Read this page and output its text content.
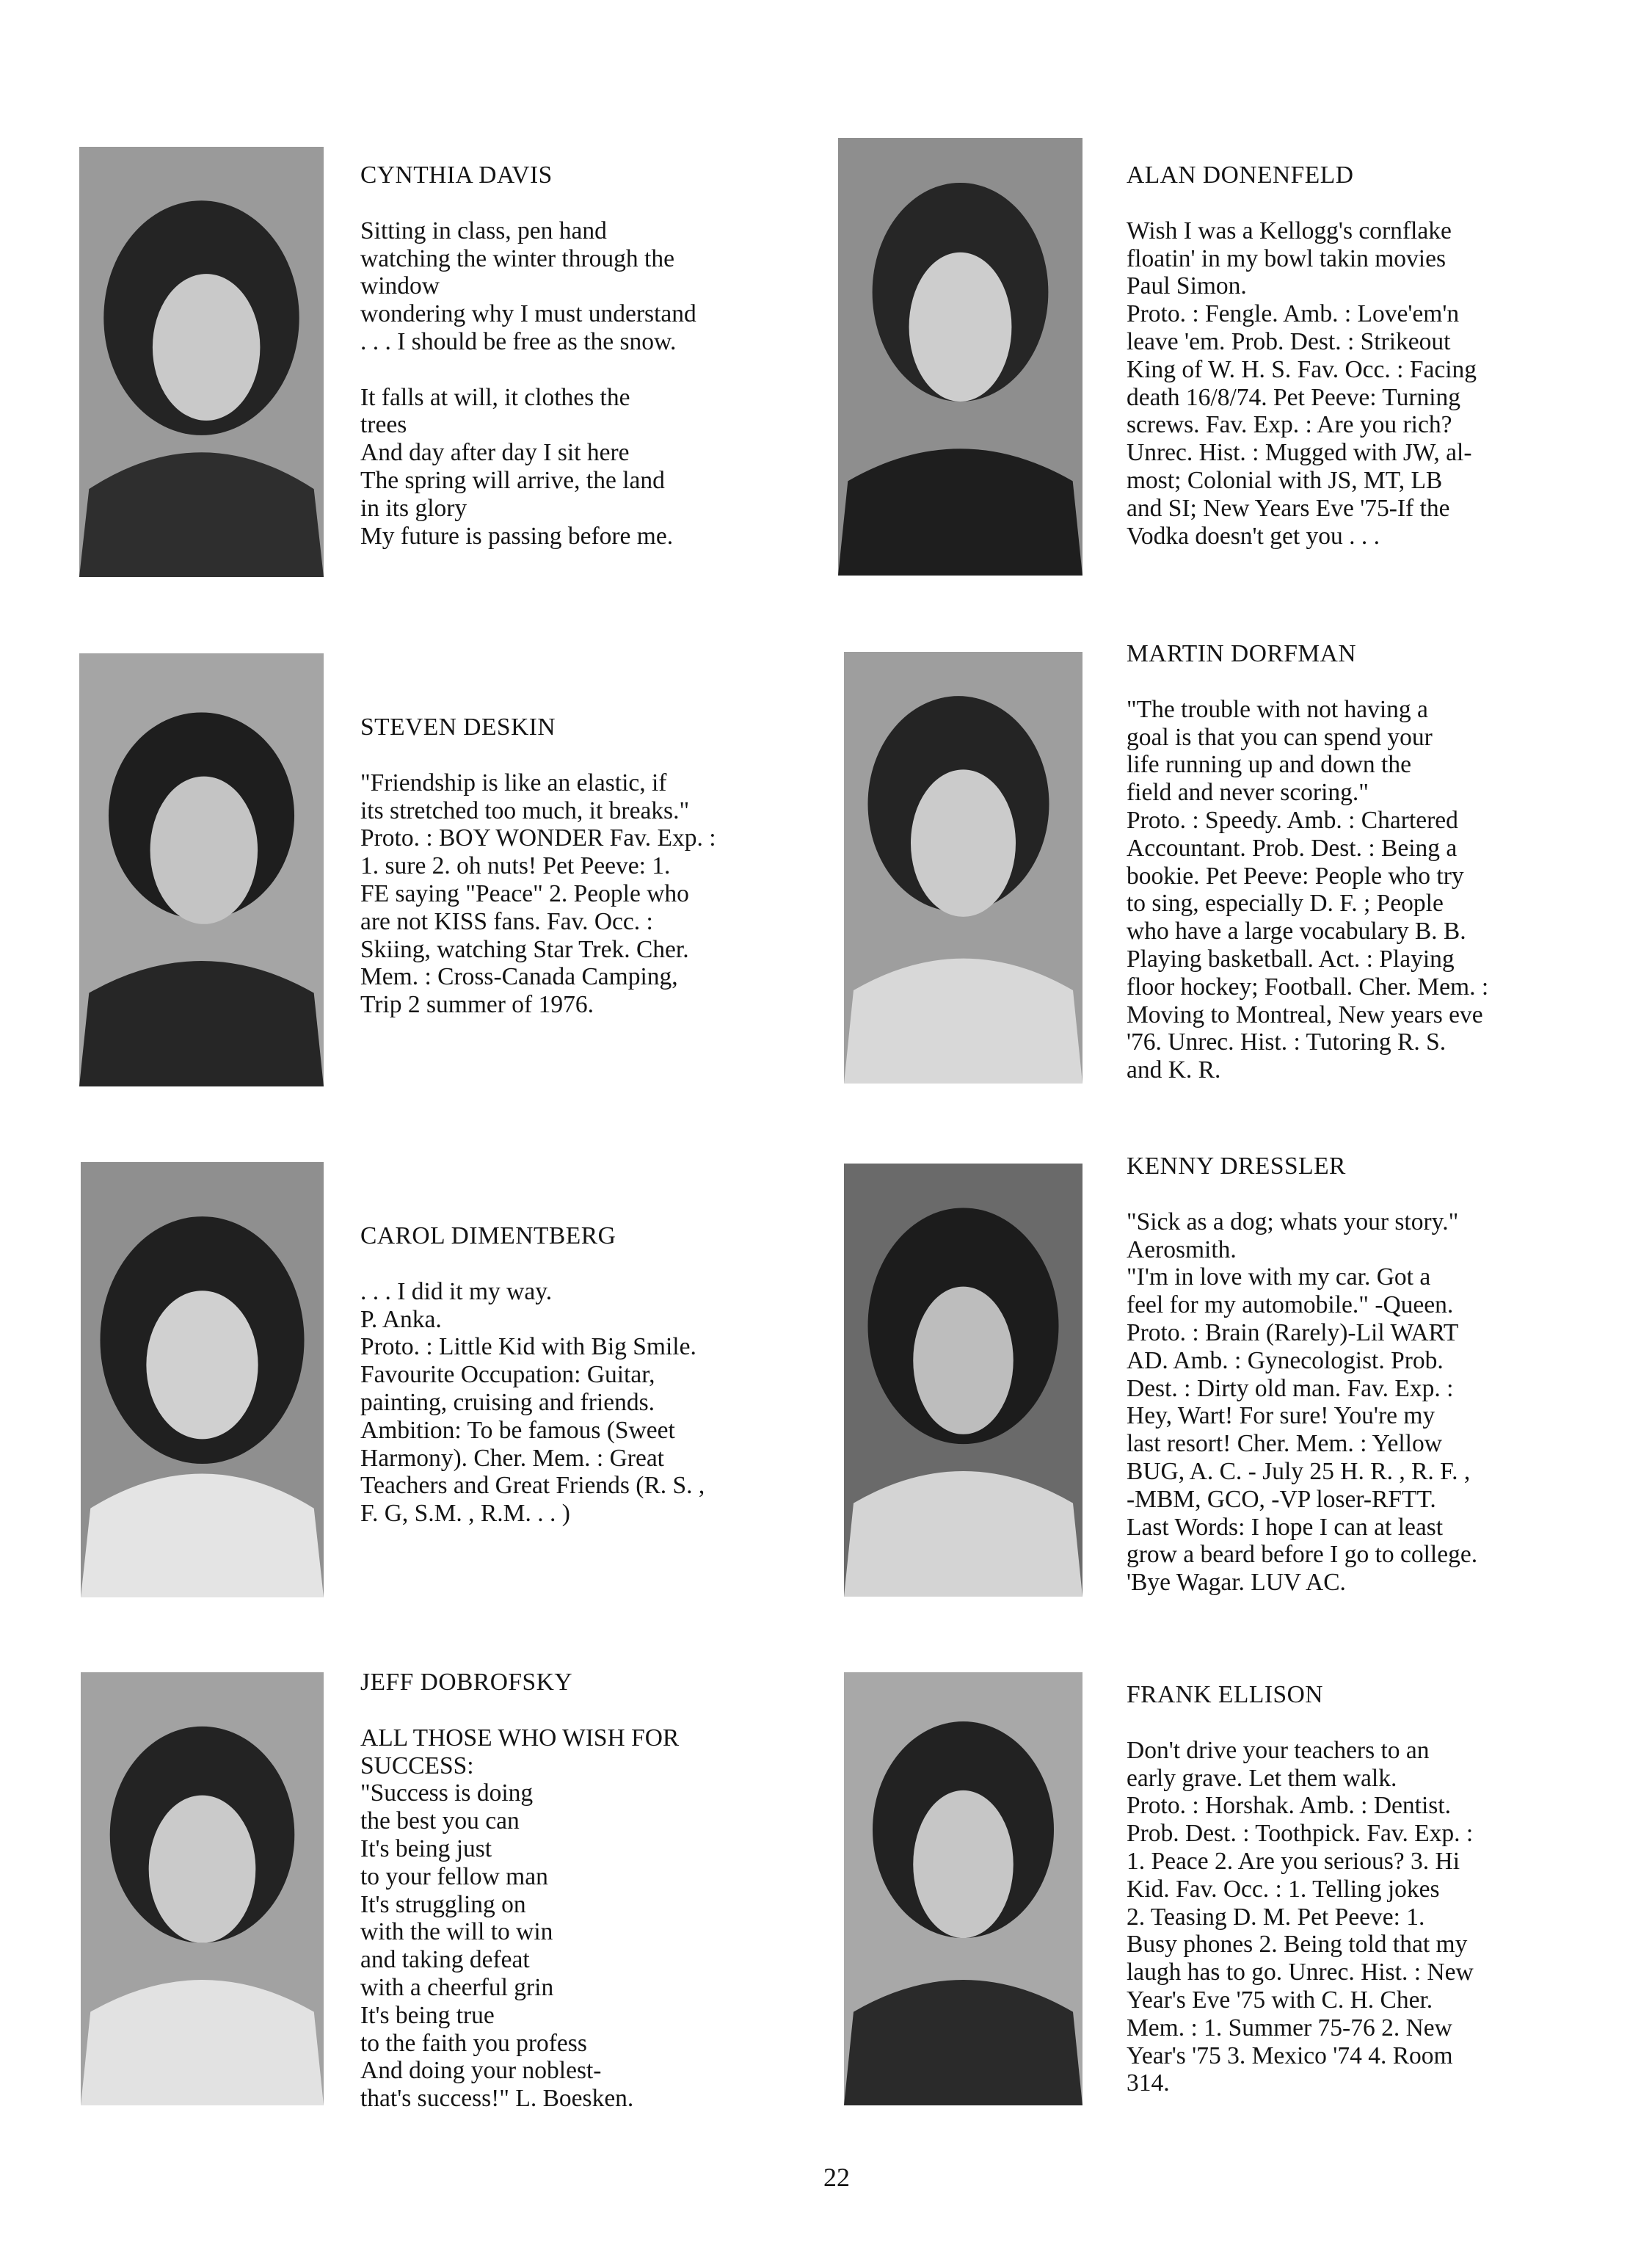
CYNTHIA DAVIS

Sitting in class, pen hand
watching the winter through the
window
wondering why I must understand
. . . I should be free as the snow.

It falls at will, it clothes the
trees
And day after day I sit here
The spring will arrive, the land
in its glory
My future is passing before me.

ALAN DONENFELD

Wish I was a Kellogg's cornflake
floatin' in my bowl takin movies
Paul Simon.
Proto. : Fengle. Amb. : Love'em'n
leave 'em. Prob. Dest. : Strikeout
King of W. H. S. Fav. Occ. : Facing
death 16/8/74. Pet Peeve: Turning
screws. Fav. Exp. : Are you rich?
Unrec. Hist. : Mugged with JW, al-
most; Colonial with JS, MT, LB
and SI; New Years Eve '75-If the
Vodka doesn't get you . . .

STEVEN DESKIN

"Friendship is like an elastic, if
its stretched too much, it breaks."
Proto. : BOY WONDER Fav. Exp. :
1. sure 2. oh nuts! Pet Peeve: 1.
FE saying "Peace" 2. People who
are not KISS fans. Fav. Occ. :
Skiing, watching Star Trek. Cher.
Mem. : Cross-Canada Camping,
Trip 2 summer of 1976.

MARTIN DORFMAN

"The trouble with not having a
goal is that you can spend your
life running up and down the
field and never scoring."
Proto. : Speedy. Amb. : Chartered
Accountant. Prob. Dest. : Being a
bookie. Pet Peeve: People who try
to sing, especially D. F. ; People
who have a large vocabulary B. B.
Playing basketball. Act. : Playing
floor hockey; Football. Cher. Mem. :
Moving to Montreal, New years eve
'76. Unrec. Hist. : Tutoring R. S.
and K. R.

CAROL DIMENTBERG

. . . I did it my way.
P. Anka.
Proto. : Little Kid with Big Smile.
Favourite Occupation: Guitar,
painting, cruising and friends.
Ambition: To be famous (Sweet
Harmony). Cher. Mem. : Great
Teachers and Great Friends (R. S. ,
F. G, S.M. , R.M. . . )

KENNY DRESSLER

"Sick as a dog; whats your story."
Aerosmith.
"I'm in love with my car. Got a
feel for my automobile." -Queen.
Proto. : Brain (Rarely)-Lil WART
AD. Amb. : Gynecologist. Prob.
Dest. : Dirty old man. Fav. Exp. :
Hey, Wart! For sure! You're my
last resort! Cher. Mem. : Yellow
BUG, A. C. - July 25 H. R. , R. F. ,
-MBM, GCO, -VP loser-RFTT.
Last Words: I hope I can at least
grow a beard before I go to college.
'Bye Wagar. LUV AC.

JEFF DOBROFSKY

ALL THOSE WHO WISH FOR
SUCCESS:
"Success is doing
the best you can
It's being just
to your fellow man
It's struggling on
with the will to win
and taking defeat
with a cheerful grin
It's being true
to the faith you profess
And doing your noblest-
that's success!" L. Boesken.

FRANK ELLISON

Don't drive your teachers to an
early grave. Let them walk.
Proto. : Horshak. Amb. : Dentist.
Prob. Dest. : Toothpick. Fav. Exp. :
1. Peace 2. Are you serious? 3. Hi
Kid. Fav. Occ. : 1. Telling jokes
2. Teasing D. M. Pet Peeve: 1.
Busy phones 2. Being told that my
laugh has to go. Unrec. Hist. : New
Year's Eve '75 with C. H. Cher.
Mem. : 1. Summer 75-76 2. New
Year's '75 3. Mexico '74 4. Room
314.

22
